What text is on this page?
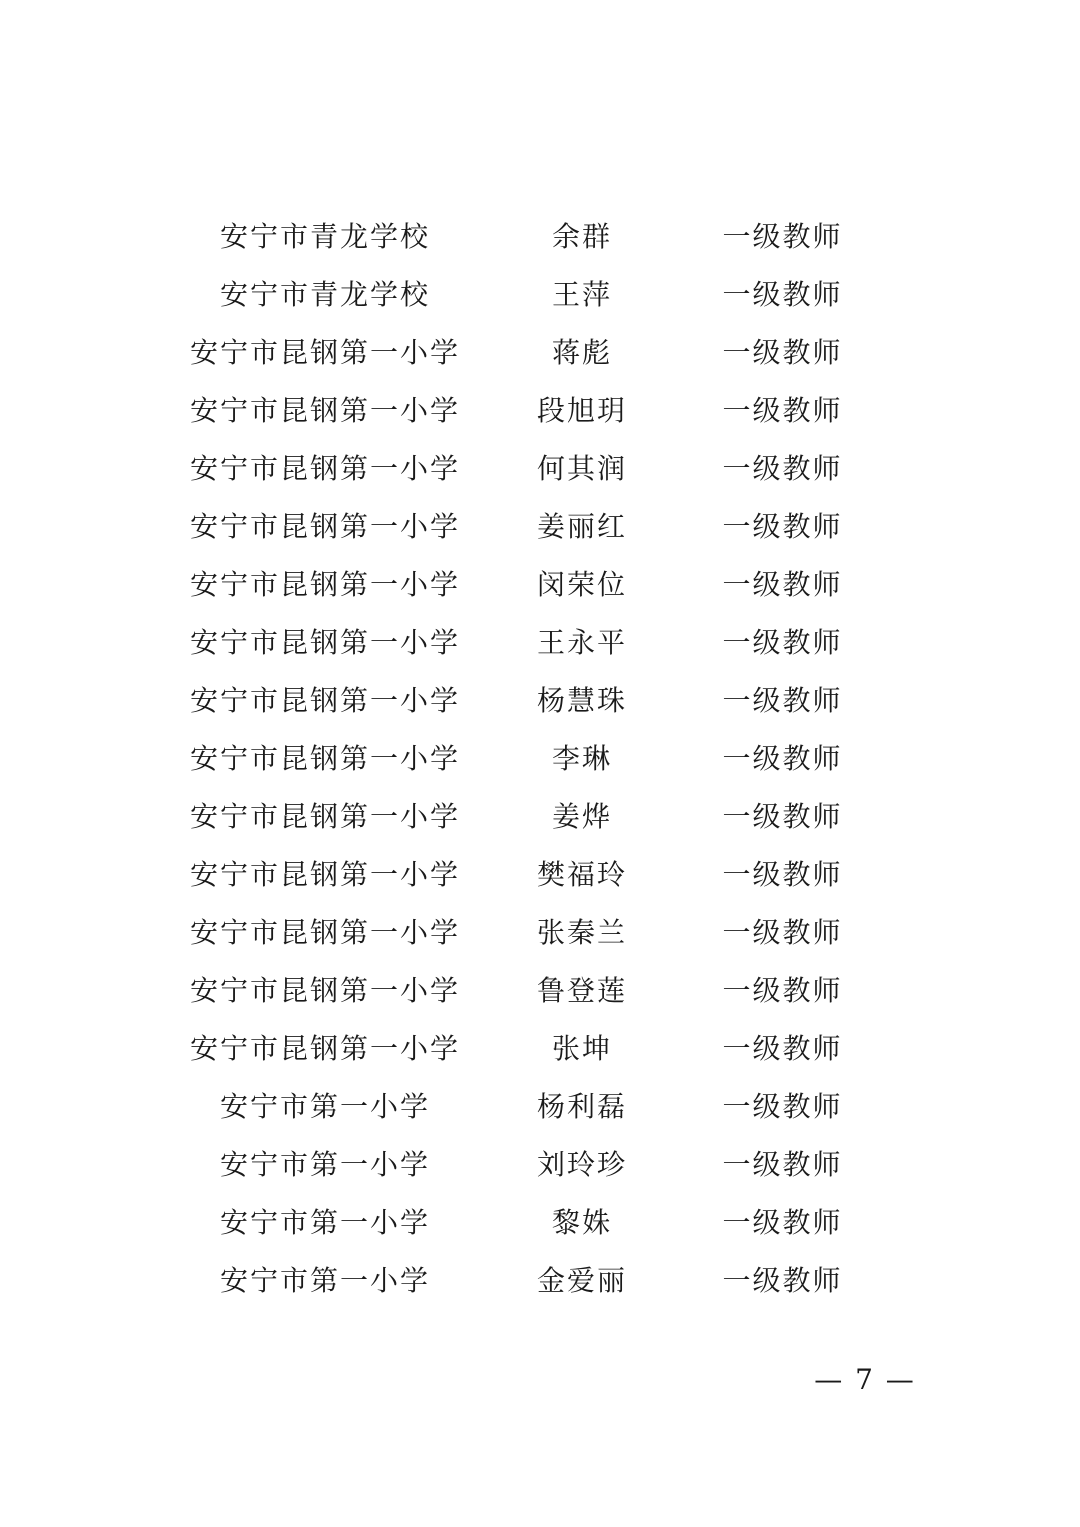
安宁市青龙学校	余群	一级教师
安宁市青龙学校	王萍	一级教师
安宁市昆钢第一小学	蒋彪	一级教师
安宁市昆钢第一小学	段旭玥	一级教师
安宁市昆钢第一小学	何其润	一级教师
安宁市昆钢第一小学	姜丽红	一级教师
安宁市昆钢第一小学	闵荣位	一级教师
安宁市昆钢第一小学	王永平	一级教师
安宁市昆钢第一小学	杨慧珠	一级教师
安宁市昆钢第一小学	李琳	一级教师
安宁市昆钢第一小学	姜烨	一级教师
安宁市昆钢第一小学	樊福玲	一级教师
安宁市昆钢第一小学	张秦兰	一级教师
安宁市昆钢第一小学	鲁登莲	一级教师
安宁市昆钢第一小学	张坤	一级教师
安宁市第一小学	杨利磊	一级教师
安宁市第一小学	刘玲珍	一级教师
安宁市第一小学	黎姝	一级教师
安宁市第一小学	金爱丽	一级教师
— 7 —
